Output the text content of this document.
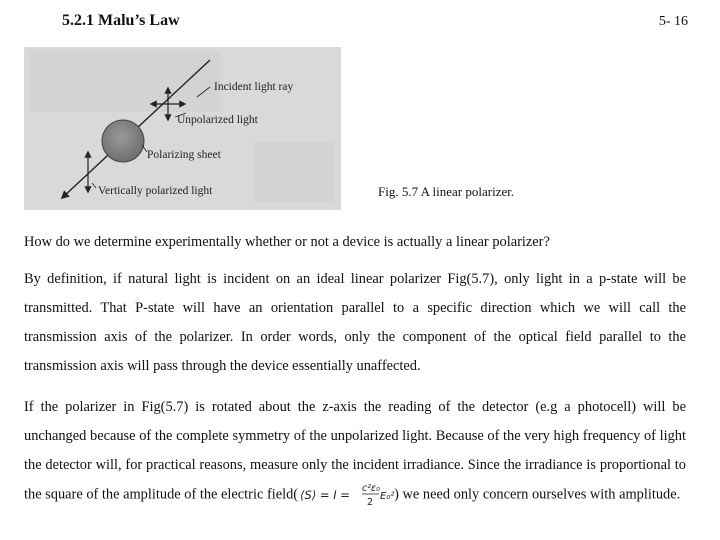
5.2.1 Malu’s Law	5- 16
Incident light ray
Unpolarized light
Polarizing sheet
Vertically polarized light	Fig. 5.7 A linear polarizer.
How do we determine experimentally whether or not a device is actually a linear polarizer?
By definition, if natural light is incident on an ideal linear polarizer Fig(5.7), only light in a p-state will be transmitted. That P-state will have an orientation parallel to a specific direction which we will call the transmission axis of the polarizer. In order words, only the component of the optical field parallel to the transmission axis will pass through the device essentially unaffected.
If the polarizer in Fig(5.7) is rotated about the z-axis the reading of the detector (e.g a photocell) will be unchanged because of the complete symmetry of the unpolarized light. Because of the very high frequency of light the detector will, for practical reasons, measure only the incident irradiance. Since the irradiance is proportional to the square of the amplitude of the electric field( ⟨S⟩ = I = c²ε₀
2
E₀² ) we need only concern ourselves with amplitude.
